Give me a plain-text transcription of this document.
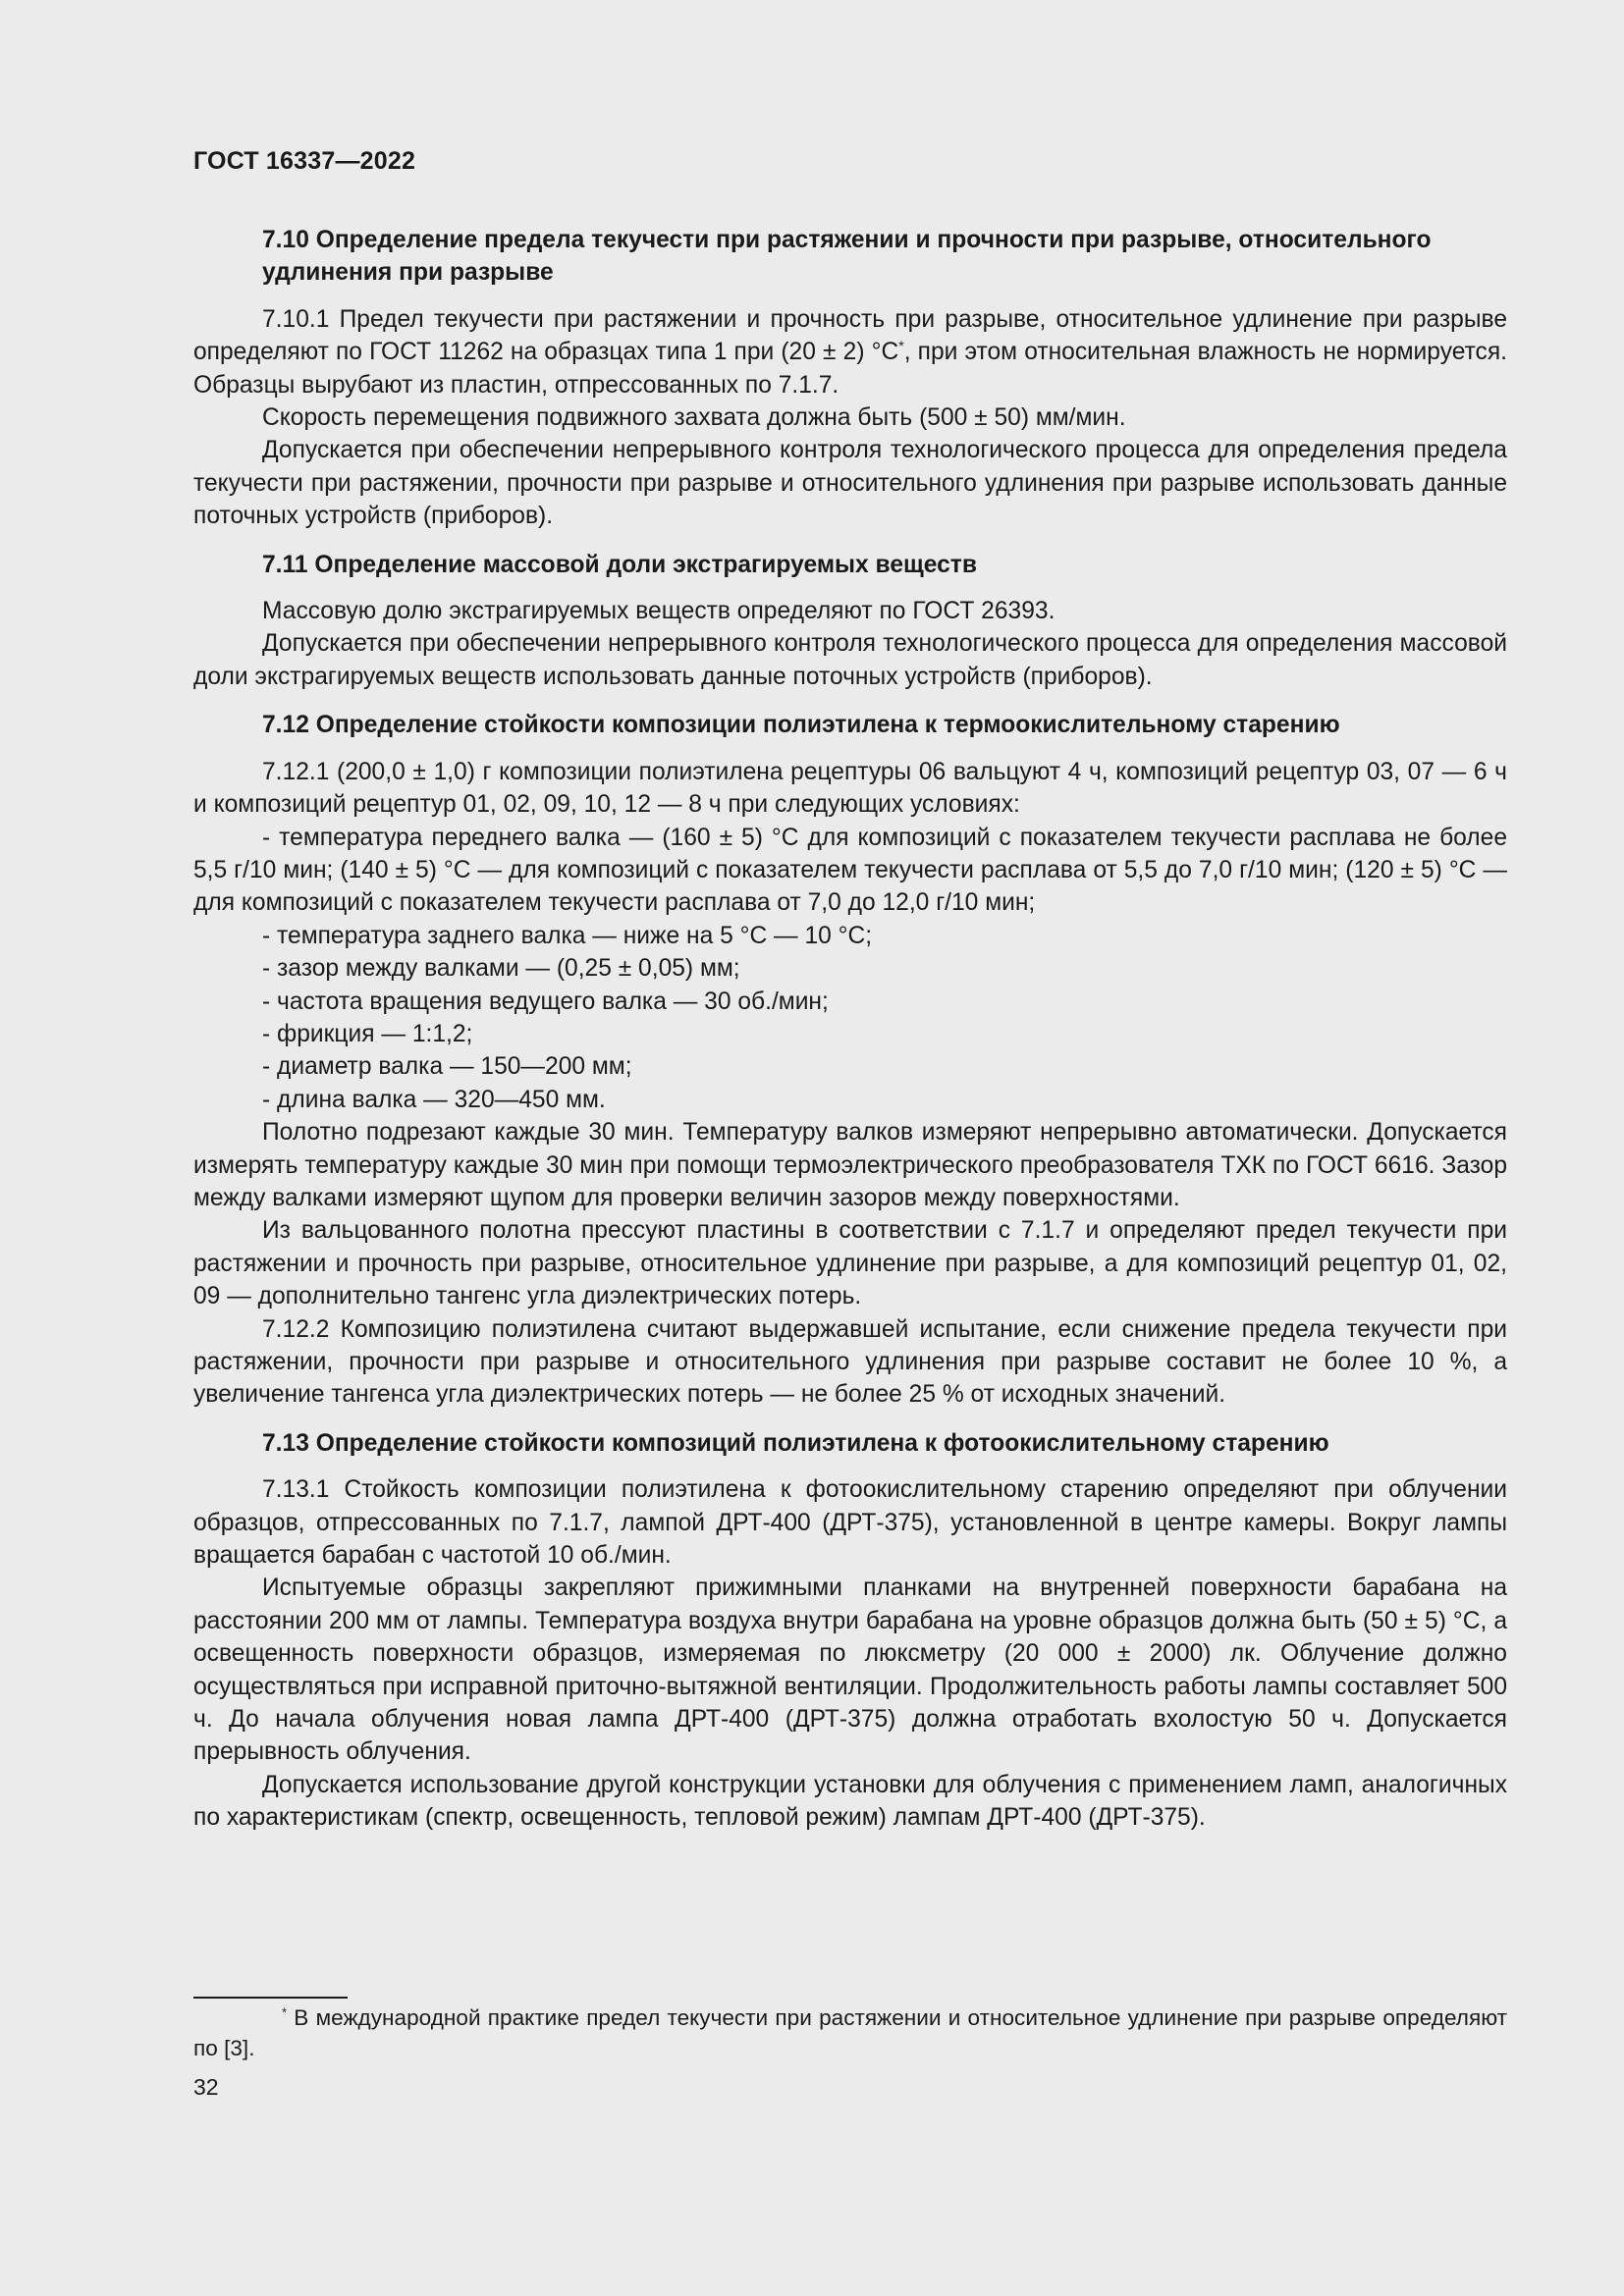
ГОСТ 16337—2022
7.10 Определение предела текучести при растяжении и прочности при разрыве, относительного удлинения при разрыве

7.10.1 Предел текучести при растяжении и прочность при разрыве, относительное удлинение при разрыве определяют по ГОСТ 11262 на образцах типа 1 при (20 ± 2) °С*, при этом относительная влажность не нормируется. Образцы вырубают из пластин, отпрессованных по 7.1.7.

Скорость перемещения подвижного захвата должна быть (500 ± 50) мм/мин.

Допускается при обеспечении непрерывного контроля технологического процесса для определения предела текучести при растяжении, прочности при разрыве и относительного удлинения при разрыве использовать данные поточных устройств (приборов).

7.11 Определение массовой доли экстрагируемых веществ

Массовую долю экстрагируемых веществ определяют по ГОСТ 26393.

Допускается при обеспечении непрерывного контроля технологического процесса для определения массовой доли экстрагируемых веществ использовать данные поточных устройств (приборов).

7.12 Определение стойкости композиции полиэтилена к термоокислительному старению

7.12.1 (200,0 ± 1,0) г композиции полиэтилена рецептуры 06 вальцуют 4 ч, композиций рецептур 03, 07 — 6 ч и композиций рецептур 01, 02, 09, 10, 12 — 8 ч при следующих условиях:

- температура переднего валка — (160 ± 5) °С для композиций с показателем текучести расплава не более 5,5 г/10 мин; (140 ± 5) °С — для композиций с показателем текучести расплава от 5,5 до 7,0 г/10 мин; (120 ± 5) °С — для композиций с показателем текучести расплава от 7,0 до 12,0 г/10 мин;

- температура заднего валка — ниже на 5 °С — 10 °С;

- зазор между валками — (0,25 ± 0,05) мм;

- частота вращения ведущего валка — 30 об./мин;

- фрикция — 1:1,2;

- диаметр валка — 150—200 мм;

- длина валка — 320—450 мм.

Полотно подрезают каждые 30 мин. Температуру валков измеряют непрерывно автоматически. Допускается измерять температуру каждые 30 мин при помощи термоэлектрического преобразователя ТХК по ГОСТ 6616. Зазор между валками измеряют щупом для проверки величин зазоров между поверхностями.

Из вальцованного полотна прессуют пластины в соответствии с 7.1.7 и определяют предел текучести при растяжении и прочность при разрыве, относительное удлинение при разрыве, а для композиций рецептур 01, 02, 09 — дополнительно тангенс угла диэлектрических потерь.

7.12.2 Композицию полиэтилена считают выдержавшей испытание, если снижение предела текучести при растяжении, прочности при разрыве и относительного удлинения при разрыве составит не более 10 %, а увеличение тангенса угла диэлектрических потерь — не более 25 % от исходных значений.

7.13 Определение стойкости композиций полиэтилена к фотоокислительному старению

7.13.1 Стойкость композиции полиэтилена к фотоокислительному старению определяют при облучении образцов, отпрессованных по 7.1.7, лампой ДРТ-400 (ДРТ-375), установленной в центре камеры. Вокруг лампы вращается барабан с частотой 10 об./мин.

Испытуемые образцы закрепляют прижимными планками на внутренней поверхности барабана на расстоянии 200 мм от лампы. Температура воздуха внутри барабана на уровне образцов должна быть (50 ± 5) °С, а освещенность поверхности образцов, измеряемая по люксметру (20 000 ± 2000) лк. Облучение должно осуществляться при исправной приточно-вытяжной вентиляции. Продолжительность работы лампы составляет 500 ч. До начала облучения новая лампа ДРТ-400 (ДРТ-375) должна отработать вхолостую 50 ч. Допускается прерывность облучения.

Допускается использование другой конструкции установки для облучения с применением ламп, аналогичных по характеристикам (спектр, освещенность, тепловой режим) лампам ДРТ-400 (ДРТ-375).

* В международной практике предел текучести при растяжении и относительное удлинение при разрыве определяют по [3].
32
